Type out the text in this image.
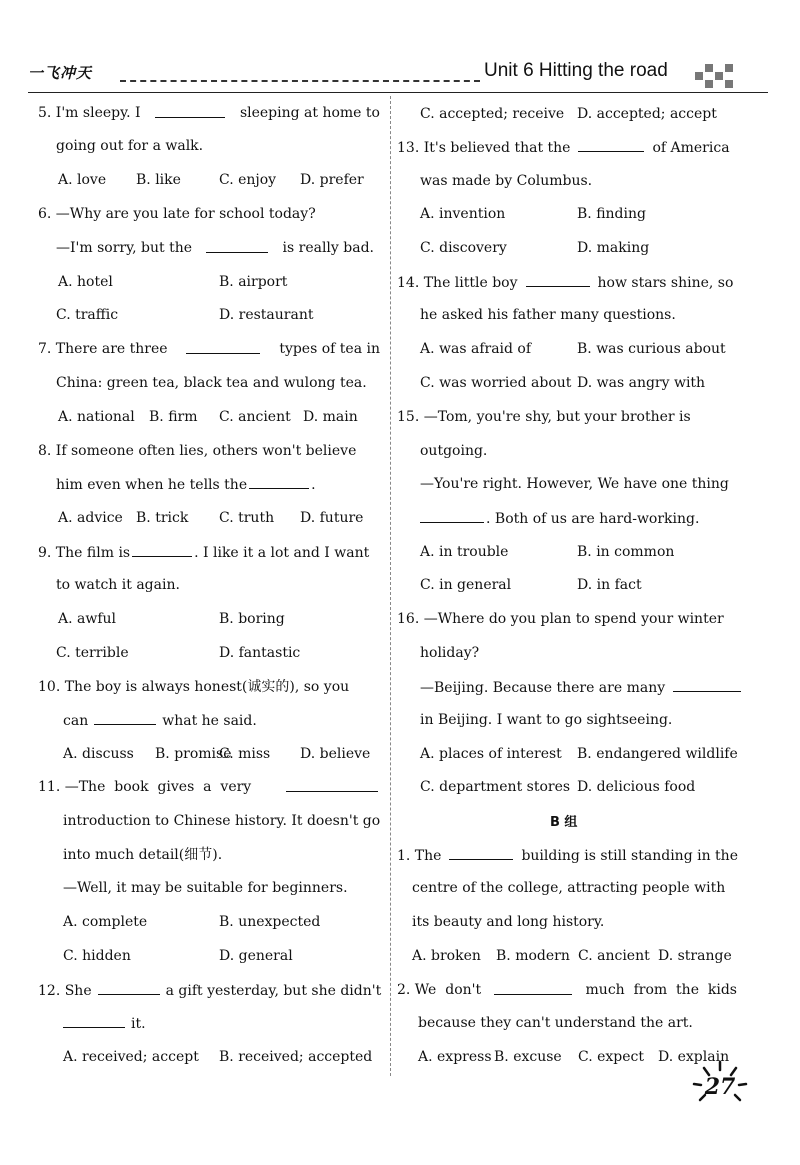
一飞冲天	Unit 6 Hitting the road
5. I'm sleepy. I	sleeping at home to
going out for a walk.
A. love B. like	C. enjoy D. prefer
6. —Why are you late for school today?
—I'm sorry, but the	is really bad.
A. hotel	B. airport
C. traffic	D. restaurant
7. There are three	types of tea in
China: green tea, black tea and wulong tea.
A. national B. firm C. ancient D. main
8. If someone often lies, others won't believe
him even when he tells the	.
A. advice B. trick C. truth D. future
9. The film is	. I like it a lot and I want
to watch it again.
A. awful	B. boring
C. terrible	D. fantastic
10. The boy is always honest(诚实的), so you
can	what he said.
A. discuss B. promise
C. miss D. believe
11. —The  book  gives  a  very
introduction to Chinese history. It doesn't go
into much detail(细节).
—Well, it may be suitable for beginners.
A. complete	B. unexpected
C. hidden	D. general
12. She	a gift yesterday, but she didn't
it.
A. received; accept B. received; accepted
C. accepted; receive D. accepted; accept
13. It's believed that the	of America
was made by Columbus.
A. invention	B. finding
C. discovery	D. making
14. The little boy	how stars shine, so
he asked his father many questions.
A. was afraid of	B. was curious about
C. was worried about D. was angry with
15. —Tom, you're shy, but your brother is
outgoing.
—You're right. However, We have one thing
. Both of us are hard-working.
A. in trouble	B. in common
C. in general	D. in fact
16. —Where do you plan to spend your winter
holiday?
—Beijing. Because there are many
in Beijing. I want to go sightseeing.
A. places of interest B. endangered wildlife
C. department stores D. delicious food
B 组
1. The	building is still standing in the
centre of the college, attracting people with
its beauty and long history.
A. broken B. modern C. ancient D. strange
2. We  don't	much  from  the  kids
because they can't understand the art.
A. express B. excuse C. expect D. explain
27
